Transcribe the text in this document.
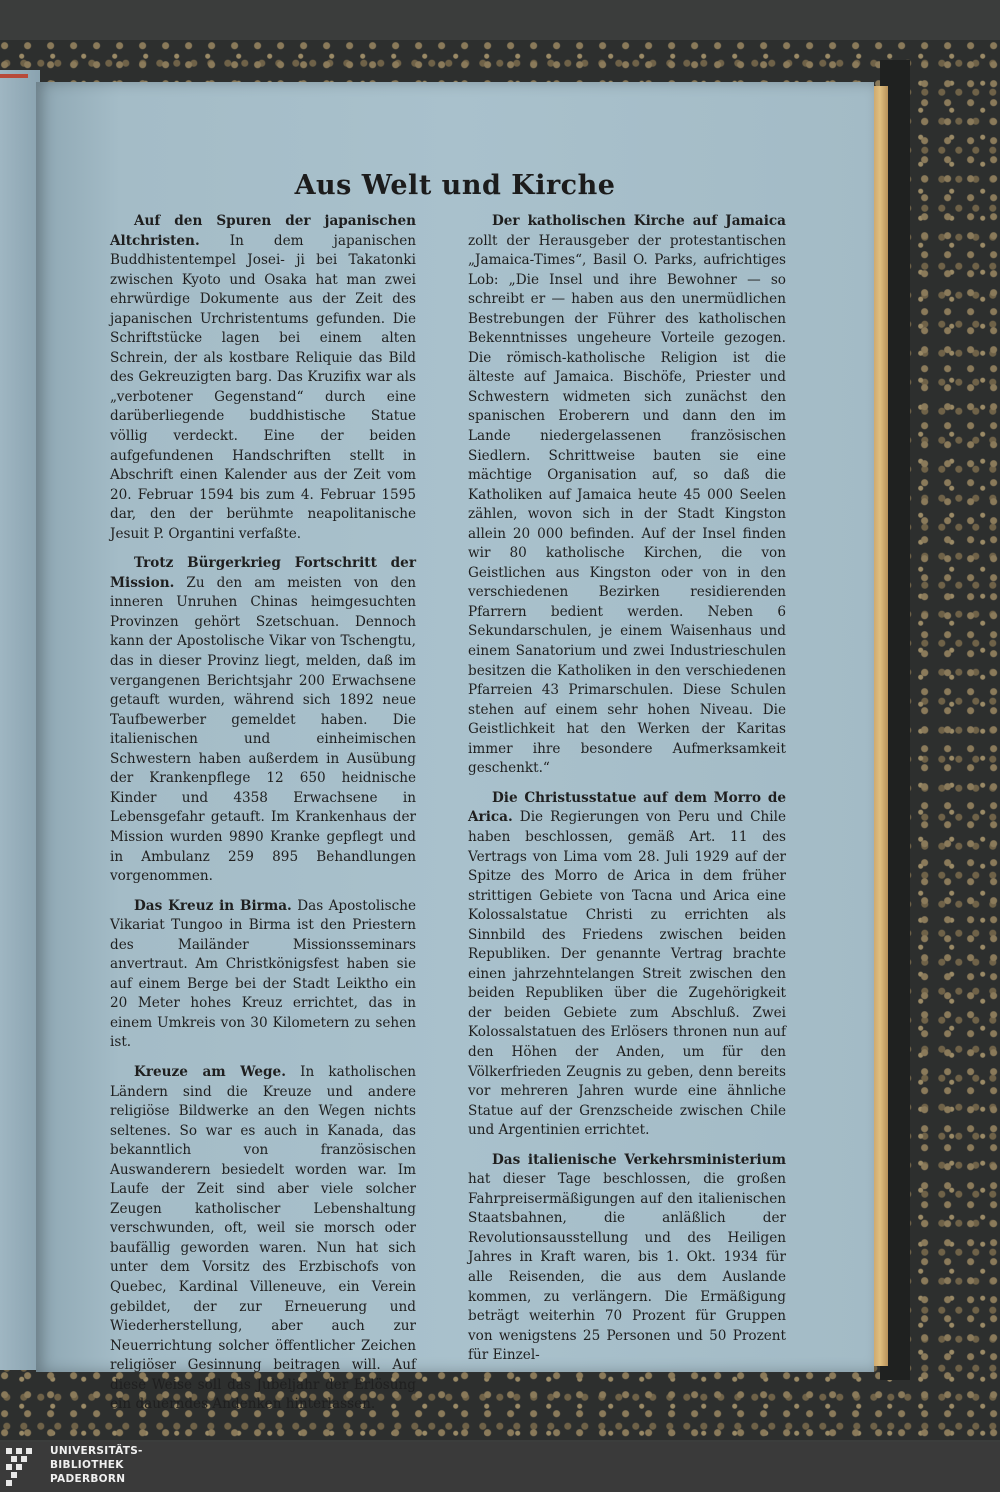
Aus Welt und Kirche

Auf den Spuren der japanischen Altchristen. In dem japanischen Buddhistentempel Josei- ji bei Takatonki zwischen Kyoto und Osaka hat man zwei ehrwürdige Dokumente aus der Zeit des japanischen Urchristentums gefunden. Die Schriftstücke lagen bei einem alten Schrein, der als kostbare Reliquie das Bild des Gekreuzigten barg. Das Kruzifix war als „verbotener Gegenstand“ durch eine darüberliegende buddhistische Statue völlig verdeckt. Eine der beiden aufgefundenen Handschriften stellt in Abschrift einen Kalender aus der Zeit vom 20. Februar 1594 bis zum 4. Februar 1595 dar, den der berühmte neapolitanische Jesuit P. Organtini verfaßte.

Trotz Bürgerkrieg Fortschritt der Mission. Zu den am meisten von den inneren Unruhen Chinas heimgesuchten Provinzen gehört Szetschuan. Dennoch kann der Apostolische Vikar von Tschengtu, das in dieser Provinz liegt, melden, daß im vergangenen Berichtsjahr 200 Erwachsene getauft wurden, während sich 1892 neue Taufbewerber gemeldet haben. Die italienischen und einheimischen Schwestern haben außerdem in Ausübung der Krankenpflege 12 650 heidnische Kinder und 4358 Erwachsene in Lebensgefahr getauft. Im Krankenhaus der Mission wurden 9890 Kranke gepflegt und in Ambulanz 259 895 Behandlungen vorgenommen.

Das Kreuz in Birma. Das Apostolische Vikariat Tungoo in Birma ist den Priestern des Mailänder Missionsseminars anvertraut. Am Christkönigsfest haben sie auf einem Berge bei der Stadt Leiktho ein 20 Meter hohes Kreuz errichtet, das in einem Umkreis von 30 Kilometern zu sehen ist.

Kreuze am Wege. In katholischen Ländern sind die Kreuze und andere religiöse Bildwerke an den Wegen nichts seltenes. So war es auch in Kanada, das bekanntlich von französischen Auswanderern besiedelt worden war. Im Laufe der Zeit sind aber viele solcher Zeugen katholischer Lebenshaltung verschwunden, oft, weil sie morsch oder baufällig geworden waren. Nun hat sich unter dem Vorsitz des Erzbischofs von Quebec, Kardinal Villeneuve, ein Verein gebildet, der zur Erneuerung und Wiederherstellung, aber auch zur Neuerrichtung solcher öffentlicher Zeichen religiöser Gesinnung beitragen will. Auf diese Weise soll das Jubeljahr der Erlösung ein dauerndes Andenken hinterlassen.

Der katholischen Kirche auf Jamaica zollt der Herausgeber der protestantischen „Jamaica-Times“, Basil O. Parks, aufrichtiges Lob: „Die Insel und ihre Bewohner — so schreibt er — haben aus den unermüdlichen Bestrebungen der Führer des katholischen Bekenntnisses ungeheure Vorteile gezogen. Die römisch-katholische Religion ist die älteste auf Jamaica. Bischöfe, Priester und Schwestern widmeten sich zunächst den spanischen Eroberern und dann den im Lande niedergelassenen französischen Siedlern. Schrittweise bauten sie eine mächtige Organisation auf, so daß die Katholiken auf Jamaica heute 45 000 Seelen zählen, wovon sich in der Stadt Kingston allein 20 000 befinden. Auf der Insel finden wir 80 katholische Kirchen, die von Geistlichen aus Kingston oder von in den verschiedenen Bezirken residierenden Pfarrern bedient werden. Neben 6 Sekundarschulen, je einem Waisenhaus und einem Sanatorium und zwei Industrieschulen besitzen die Katholiken in den verschiedenen Pfarreien 43 Primarschulen. Diese Schulen stehen auf einem sehr hohen Niveau. Die Geistlichkeit hat den Werken der Karitas immer ihre besondere Aufmerksamkeit geschenkt.“

Die Christusstatue auf dem Morro de Arica. Die Regierungen von Peru und Chile haben beschlossen, gemäß Art. 11 des Vertrags von Lima vom 28. Juli 1929 auf der Spitze des Morro de Arica in dem früher strittigen Gebiete von Tacna und Arica eine Kolossalstatue Christi zu errichten als Sinnbild des Friedens zwischen beiden Republiken. Der genannte Vertrag brachte einen jahrzehntelangen Streit zwischen den beiden Republiken über die Zugehörigkeit der beiden Gebiete zum Abschluß. Zwei Kolossalstatuen des Erlösers thronen nun auf den Höhen der Anden, um für den Völkerfrieden Zeugnis zu geben, denn bereits vor mehreren Jahren wurde eine ähnliche Statue auf der Grenzscheide zwischen Chile und Argentinien errichtet.

Das italienische Verkehrsministerium hat dieser Tage beschlossen, die großen Fahrpreisermäßigungen auf den italienischen Staatsbahnen, die anläßlich der Revolutionsausstellung und des Heiligen Jahres in Kraft waren, bis 1. Okt. 1934 für alle Reisenden, die aus dem Auslande kommen, zu verlängern. Die Ermäßigung beträgt weiterhin 70 Prozent für Gruppen von wenigstens 25 Personen und 50 Prozent für Einzel-

UNIVERSITÄTS-
BIBLIOTHEK
PADERBORN
